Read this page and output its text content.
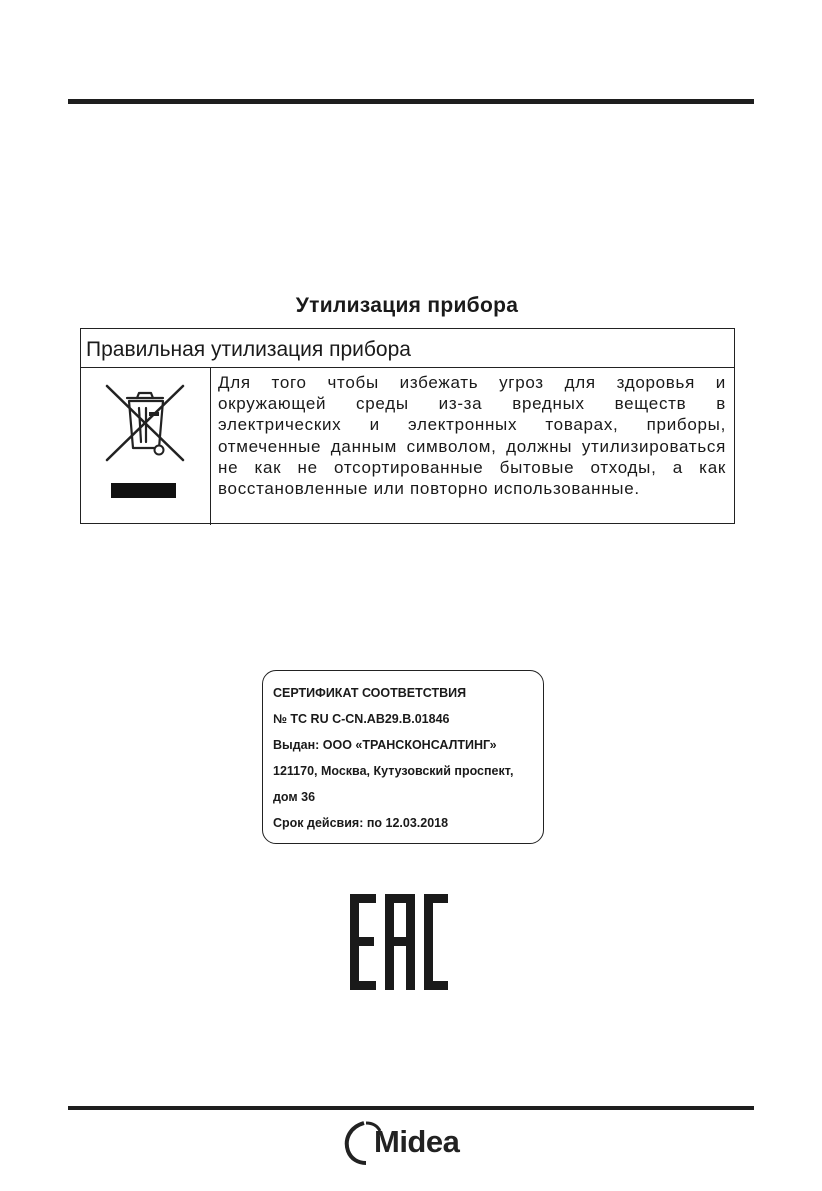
Утилизация прибора
Правильная утилизация прибора
Для того чтобы избежать угроз для здоровья и окружающей среды из-за вредных веществ в электрических и электронных товарах, приборы, отмеченные данным символом, должны утилизироваться не как не отсортированные бытовые отходы, а как восстановленные или повторно использованные.
СЕРТИФИКАТ СООТВЕТСТВИЯ
№ TC RU C-CN.AB29.B.01846
Выдан: ООО «ТРАНСКОНСАЛТИНГ»
121170, Москва, Кутузовский проспект,
дом 36
Срок дейсвия: по 12.03.2018
Midea
